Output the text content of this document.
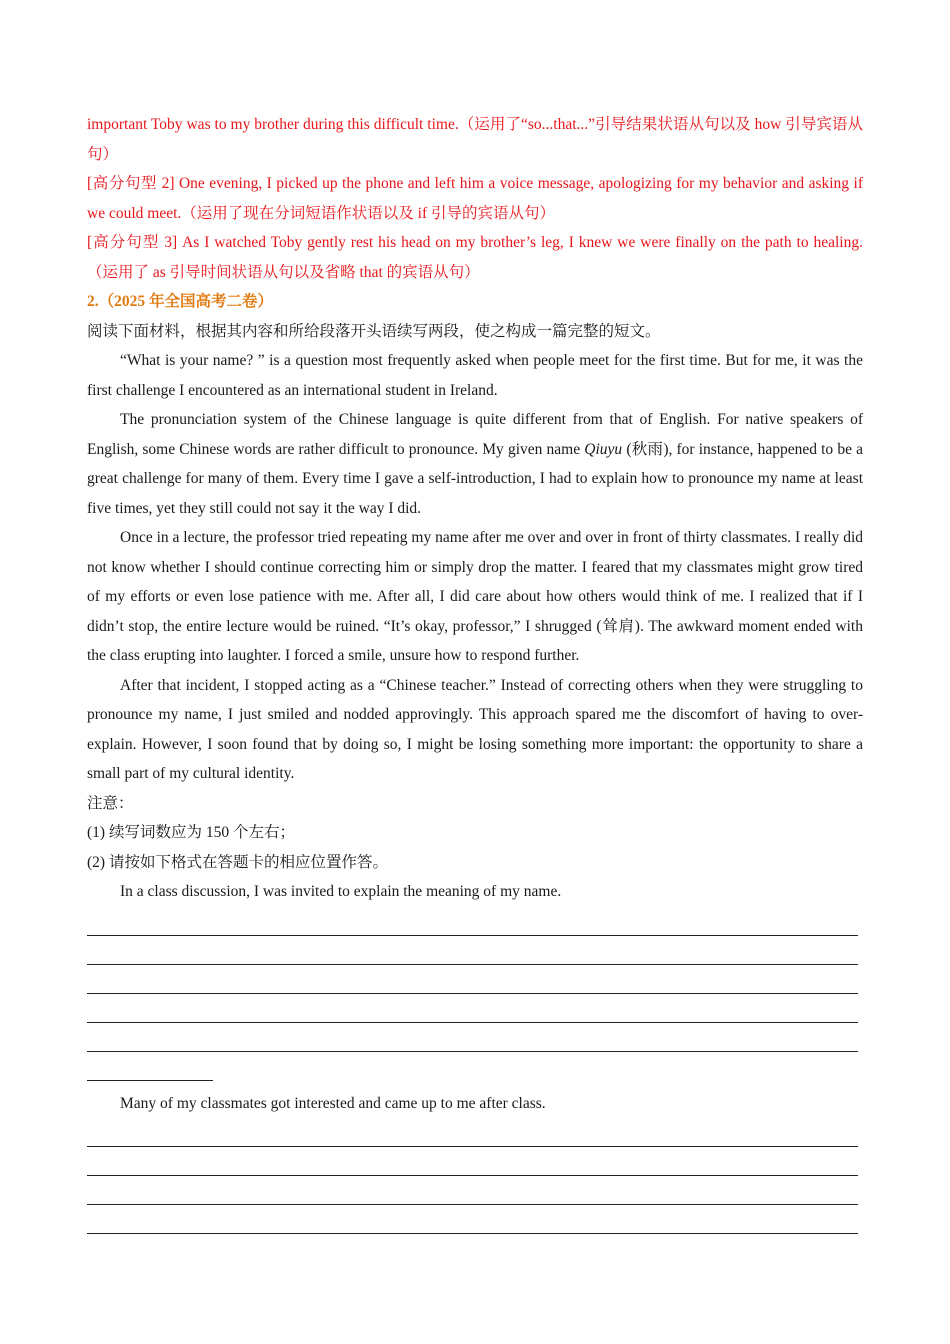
important Toby was to my brother during this difficult time.（运用了“so...that...”引导结果状语从句以及 how 引导宾语从句）

[高分句型 2] One evening, I picked up the phone and left him a voice message, apologizing for my behavior and asking if we could meet.（运用了现在分词短语作状语以及 if 引导的宾语从句）

[高分句型 3] As I watched Toby gently rest his head on my brother’s leg, I knew we were finally on the path to healing.（运用了 as 引导时间状语从句以及省略 that 的宾语从句）

2.（2025 年全国高考二卷）

阅读下面材料，根据其内容和所给段落开头语续写两段，使之构成一篇完整的短文。

“What is your name? ” is a question most frequently asked when people meet for the first time. But for me, it was the first challenge I encountered as an international student in Ireland.

The pronunciation system of the Chinese language is quite different from that of English. For native speakers of English, some Chinese words are rather difficult to pronounce. My given name Qiuyu (秋雨), for instance, happened to be a great challenge for many of them. Every time I gave a self-introduction, I had to explain how to pronounce my name at least five times, yet they still could not say it the way I did.

Once in a lecture, the professor tried repeating my name after me over and over in front of thirty classmates. I really did not know whether I should continue correcting him or simply drop the matter. I feared that my classmates might grow tired of my efforts or even lose patience with me. After all, I did care about how others would think of me. I realized that if I didn’t stop, the entire lecture would be ruined. “It’s okay, professor,” I shrugged (耸肩). The awkward moment ended with the class erupting into laughter. I forced a smile, unsure how to respond further.

After that incident, I stopped acting as a “Chinese teacher.” Instead of correcting others when they were struggling to pronounce my name, I just smiled and nodded approvingly. This approach spared me the discomfort of having to over-explain. However, I soon found that by doing so, I might be losing something more important: the opportunity to share a small part of my cultural identity.

注意：

(1) 续写词数应为 150 个左右；

(2) 请按如下格式在答题卡的相应位置作答。

In a class discussion, I was invited to explain the meaning of my name.

Many of my classmates got interested and came up to me after class.
